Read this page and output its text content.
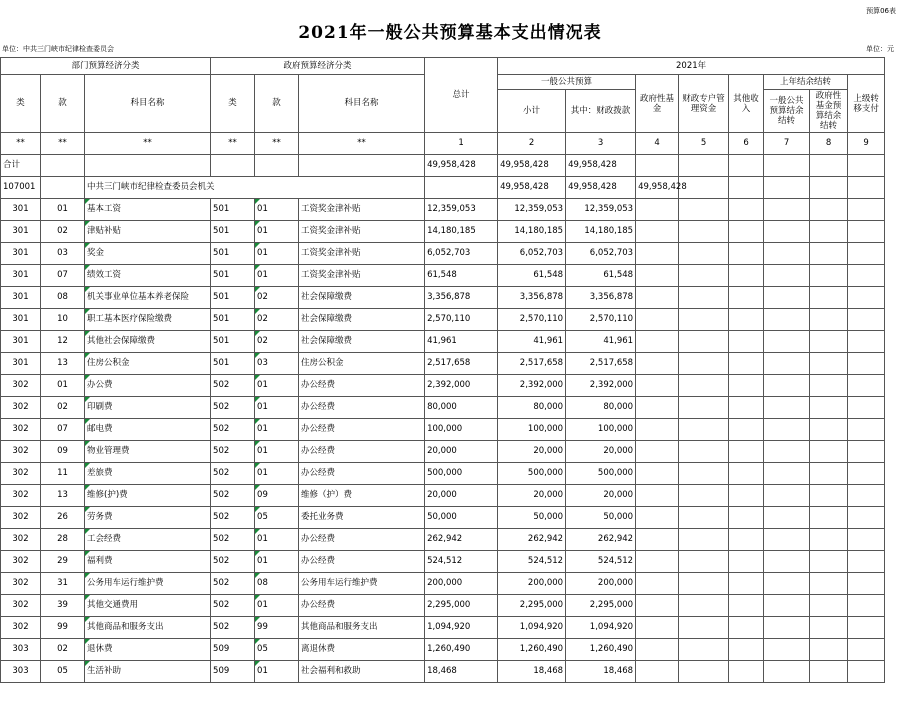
预算06表
2021年一般公共预算基本支出情况表
单位：中共三门峡市纪律检查委员会	单位：元
部门预算经济分类			政府预算经济分类			总计	2021年								
类	款	科目名称	类	款	科目名称		一般公共预算		政府性基金	财政专户管理资金	其他收入	上年结余结转		上级转移支付	
							小计	其中：财政拨款				一般公共预算结余结转	政府性基金预算结余结转		
**	**	**	**	**	**	1	2	3	4	5	6	7	8	9	
合计						49,958,428	49,958,428	49,958,428							
107001		中共三门峡市纪律检查委员会机关					49,958,428	49,958,428	49,958,428						
301	01	基本工资	501	01	工资奖金津补贴	12,359,053	12,359,053	12,359,053							
301	02	津贴补贴	501	01	工资奖金津补贴	14,180,185	14,180,185	14,180,185							
301	03	奖金	501	01	工资奖金津补贴	6,052,703	6,052,703	6,052,703							
301	07	绩效工资	501	01	工资奖金津补贴	61,548	61,548	61,548							
301	08	机关事业单位基本养老保险	501	02	社会保障缴费	3,356,878	3,356,878	3,356,878							
301	10	职工基本医疗保险缴费	501	02	社会保障缴费	2,570,110	2,570,110	2,570,110							
301	12	其他社会保障缴费	501	02	社会保障缴费	41,961	41,961	41,961							
301	13	住房公积金	501	03	住房公积金	2,517,658	2,517,658	2,517,658							
302	01	办公费	502	01	办公经费	2,392,000	2,392,000	2,392,000							
302	02	印刷费	502	01	办公经费	80,000	80,000	80,000							
302	07	邮电费	502	01	办公经费	100,000	100,000	100,000							
302	09	物业管理费	502	01	办公经费	20,000	20,000	20,000							
302	11	差旅费	502	01	办公经费	500,000	500,000	500,000							
302	13	维修(护)费	502	09	维修（护）费	20,000	20,000	20,000							
302	26	劳务费	502	05	委托业务费	50,000	50,000	50,000							
302	28	工会经费	502	01	办公经费	262,942	262,942	262,942							
302	29	福利费	502	01	办公经费	524,512	524,512	524,512							
302	31	公务用车运行维护费	502	08	公务用车运行维护费	200,000	200,000	200,000							
302	39	其他交通费用	502	01	办公经费	2,295,000	2,295,000	2,295,000							
302	99	其他商品和服务支出	502	99	其他商品和服务支出	1,094,920	1,094,920	1,094,920							
303	02	退休费	509	05	离退休费	1,260,490	1,260,490	1,260,490							
303	05	生活补助	509	01	社会福利和救助	18,468	18,468	18,468							
